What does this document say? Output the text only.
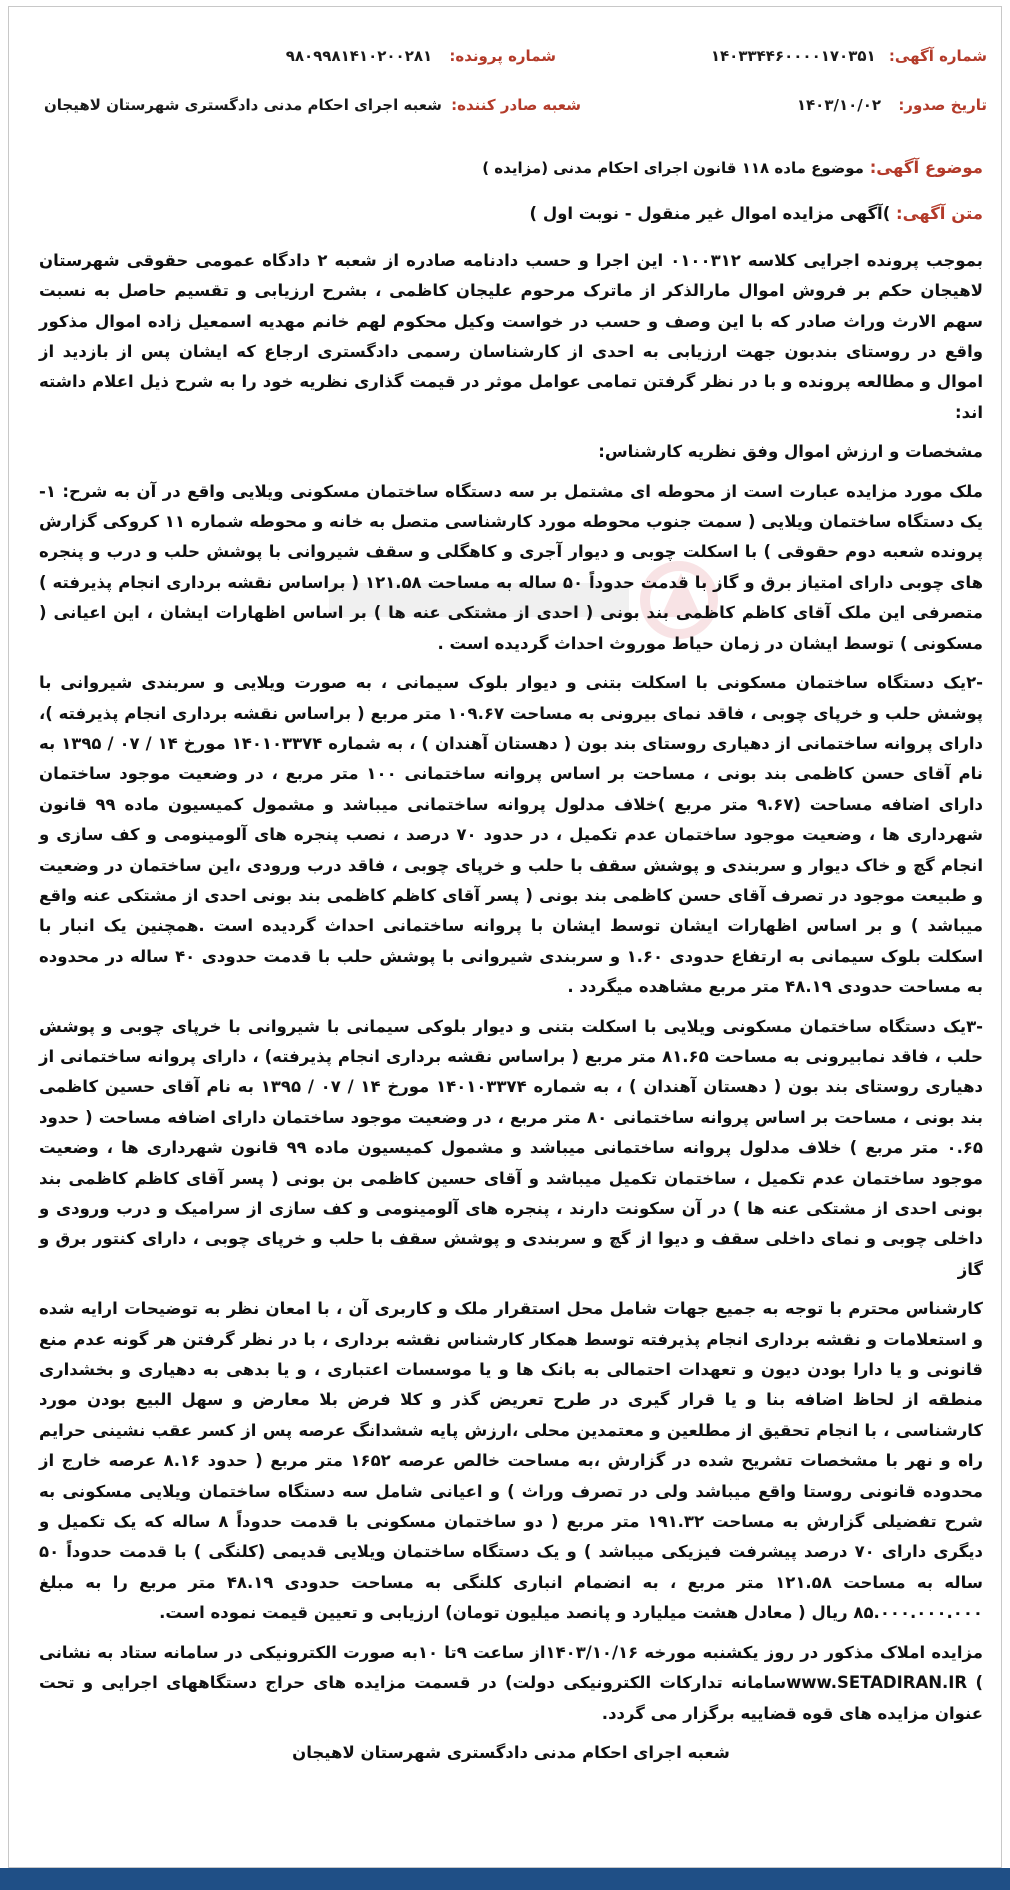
شماره آگهی: ۱۴۰۳۳۴۴۶۰۰۰۰۱۷۰۳۵۱
شماره پرونده: ۹۸۰۹۹۸۱۴۱۰۲۰۰۲۸۱
تاریخ صدور: ۱۴۰۳/۱۰/۰۲
شعبه صادر کننده: شعبه اجرای احکام مدنی دادگستری شهرستان لاهیجان

موضوع آگهی: موضوع ماده ۱۱۸ قانون اجرای احکام مدنی (مزایده )

متن آگهی: )آگهی مزایده اموال غیر منقول - نوبت اول )

بموجب پرونده اجرایی کلاسه ۰۱۰۰۳۱۲ این اجرا و حسب دادنامه صادره از شعبه ۲ دادگاه عمومی حقوقی شهرستان لاهیجان حکم بر فروش اموال مارالذکر از ماترک مرحوم علیجان کاظمی ، بشرح ارزیابی و تقسیم حاصل به نسبت سهم الارث وراث صادر که با این وصف و حسب در خواست وکیل محکوم لهم خانم مهدیه اسمعیل زاده اموال مذکور واقع در روستای بندبون جهت ارزیابی به احدی از کارشناسان رسمی دادگستری ارجاع که ایشان پس از بازدید از اموال و مطالعه پرونده و با در نظر گرفتن تمامی عوامل موثر در قیمت گذاری نظریه خود را به شرح ذیل اعلام داشته اند:

مشخصات و ارزش اموال وفق نظریه کارشناس:

ملک مورد مزایده عبارت است از محوطه ای مشتمل بر سه دستگاه ساختمان مسکونی ویلایی واقع در آن به شرح: ۱-یک دستگاه ساختمان ویلایی ( سمت جنوب محوطه مورد کارشناسی متصل به خانه و محوطه شماره ۱۱ کروکی گزارش پرونده شعبه دوم حقوقی ) با اسکلت چوبی و دیوار آجری و کاهگلی و سقف شیروانی با پوشش حلب و درب و پنجره های چوبی دارای امتیاز برق و گاز با قدمت حدوداً ۵۰ ساله به مساحت ۱۲۱.۵۸ ( براساس نقشه برداری انجام پذیرفته ) متصرفی این ملک آقای کاظم کاظمی بند بونی ( احدی از مشتکی عنه ها ) بر اساس اظهارات ایشان ، این اعیانی ( مسکونی ) توسط ایشان در زمان حیاط موروث احداث گردیده است .

-۲یک دستگاه ساختمان مسکونی با اسکلت بتنی و دیوار بلوک سیمانی ، به صورت ویلایی و سربندی شیروانی با پوشش حلب و خرپای چوبی ، فاقد نمای بیرونی به مساحت ۱۰۹.۶۷ متر مربع ( براساس نقشه برداری انجام پذیرفته )، دارای پروانه ساختمانی از دهیاری روستای بند بون ( دهستان آهندان ) ، به شماره ۱۴۰۱۰۳۳۷۴ مورخ ۱۴ / ۰۷ / ۱۳۹۵ به نام آقای حسن کاظمی بند بونی ، مساحت بر اساس پروانه ساختمانی ۱۰۰ متر مربع ، در وضعیت موجود ساختمان دارای اضافه مساحت (۹.۶۷ متر مربع )خلاف مدلول پروانه ساختمانی میباشد و مشمول کمیسیون ماده ۹۹ قانون شهرداری ها ، وضعیت موجود ساختمان عدم تکمیل ، در حدود ۷۰ درصد ، نصب پنجره های آلومینومی و کف سازی و انجام گچ و خاک دیوار و سربندی و پوشش سقف با حلب و خرپای چوبی ، فاقد درب ورودی ،این ساختمان در وضعیت و طبیعت موجود در تصرف آقای حسن کاظمی بند بونی ( پسر آقای کاظم کاظمی بند بونی احدی از مشتکی عنه واقع میباشد ) و بر اساس اظهارات ایشان توسط ایشان با پروانه ساختمانی احداث گردیده است .همچنین یک انبار با اسکلت بلوک سیمانی به ارتفاع حدودی ۱.۶۰ و سربندی شیروانی با پوشش حلب با قدمت حدودی ۴۰ ساله در محدوده به مساحت حدودی ۴۸.۱۹ متر مربع مشاهده میگردد .

-۳یک دستگاه ساختمان مسکونی ویلایی با اسکلت بتنی و دیوار بلوکی سیمانی با شیروانی با خرپای چوبی و پوشش حلب ، فاقد نمابیرونی به مساحت ۸۱.۶۵ متر مربع ( براساس نقشه برداری انجام پذیرفته) ، دارای پروانه ساختمانی از دهیاری روستای بند بون ( دهستان آهندان ) ، به شماره ۱۴۰۱۰۳۳۷۴ مورخ ۱۴ / ۰۷ / ۱۳۹۵ به نام آقای حسین کاظمی بند بونی ، مساحت بر اساس پروانه ساختمانی ۸۰ متر مربع ، در وضعیت موجود ساختمان دارای اضافه مساحت ( حدود ۰.۶۵ متر مربع ) خلاف مدلول پروانه ساختمانی میباشد و مشمول کمیسیون ماده ۹۹ قانون شهرداری ها ، وضعیت موجود ساختمان عدم تکمیل ، ساختمان تکمیل میباشد و آقای حسین کاظمی بن بونی ( پسر آقای کاظم کاظمی بند بونی احدی از مشتکی عنه ها ) در آن سکونت دارند ، پنجره های آلومینومی و کف سازی از سرامیک و درب ورودی و داخلی چوبی و نمای داخلی سقف و دیوا از گچ و سربندی و پوشش سقف با حلب و خرپای چوبی ، دارای کنتور برق و گاز

کارشناس محترم با توجه به جمیع جهات شامل محل استقرار ملک و کاربری آن ، با امعان نظر به توضیحات ارایه شده و استعلامات و نقشه برداری انجام پذیرفته توسط همکار کارشناس نقشه برداری ، با در نظر گرفتن هر گونه عدم منع قانونی و یا دارا بودن دیون و تعهدات احتمالی به بانک ها و یا موسسات اعتباری ، و یا بدهی به دهیاری و بخشداری منطقه از لحاظ اضافه بنا و یا قرار گیری در طرح تعریض گذر و کلا فرض بلا معارض و سهل البیع بودن مورد کارشناسی ، با انجام تحقیق از مطلعین و معتمدین محلی ،ارزش پایه ششدانگ عرصه پس از کسر عقب نشینی حرایم راه و نهر با مشخصات تشریح شده در گزارش ،به مساحت خالص عرصه ۱۶۵۲ متر مربع ( حدود ۸.۱۶ عرصه خارج از محدوده قانونی روستا واقع میباشد ولی در تصرف وراث ) و اعیانی شامل سه دستگاه ساختمان ویلایی مسکونی به شرح تفضیلی گزارش به مساحت ۱۹۱.۳۲ متر مربع ( دو ساختمان مسکونی با قدمت حدوداً ۸ ساله که یک تکمیل و دیگری دارای ۷۰ درصد پیشرفت فیزیکی میباشد ) و یک دستگاه ساختمان ویلایی قدیمی (کلنگی ) با قدمت حدوداً ۵۰ ساله به مساحت ۱۲۱.۵۸ متر مربع ، به انضمام انباری کلنگی به مساحت حدودی ۴۸.۱۹ متر مربع را به مبلغ ۸۵.۰۰۰.۰۰۰.۰۰۰ ریال ( معادل هشت میلیارد و پانصد میلیون تومان) ارزیابی و تعیین قیمت نموده است.

مزایده املاک مذکور در روز یکشنبه مورخه ۱۴۰۳/۱۰/۱۶از ساعت ۹تا ۱۰به صورت الکترونیکی در سامانه ستاد به نشانی ) www.SETADIRAN.IRسامانه تدارکات الکترونیکی دولت) در قسمت مزایده های حراج دستگاههای اجرایی و تحت عنوان مزایده های قوه قضاییه برگزار می گردد.

شعبه اجرای احکام مدنی دادگستری شهرستان لاهیجان
